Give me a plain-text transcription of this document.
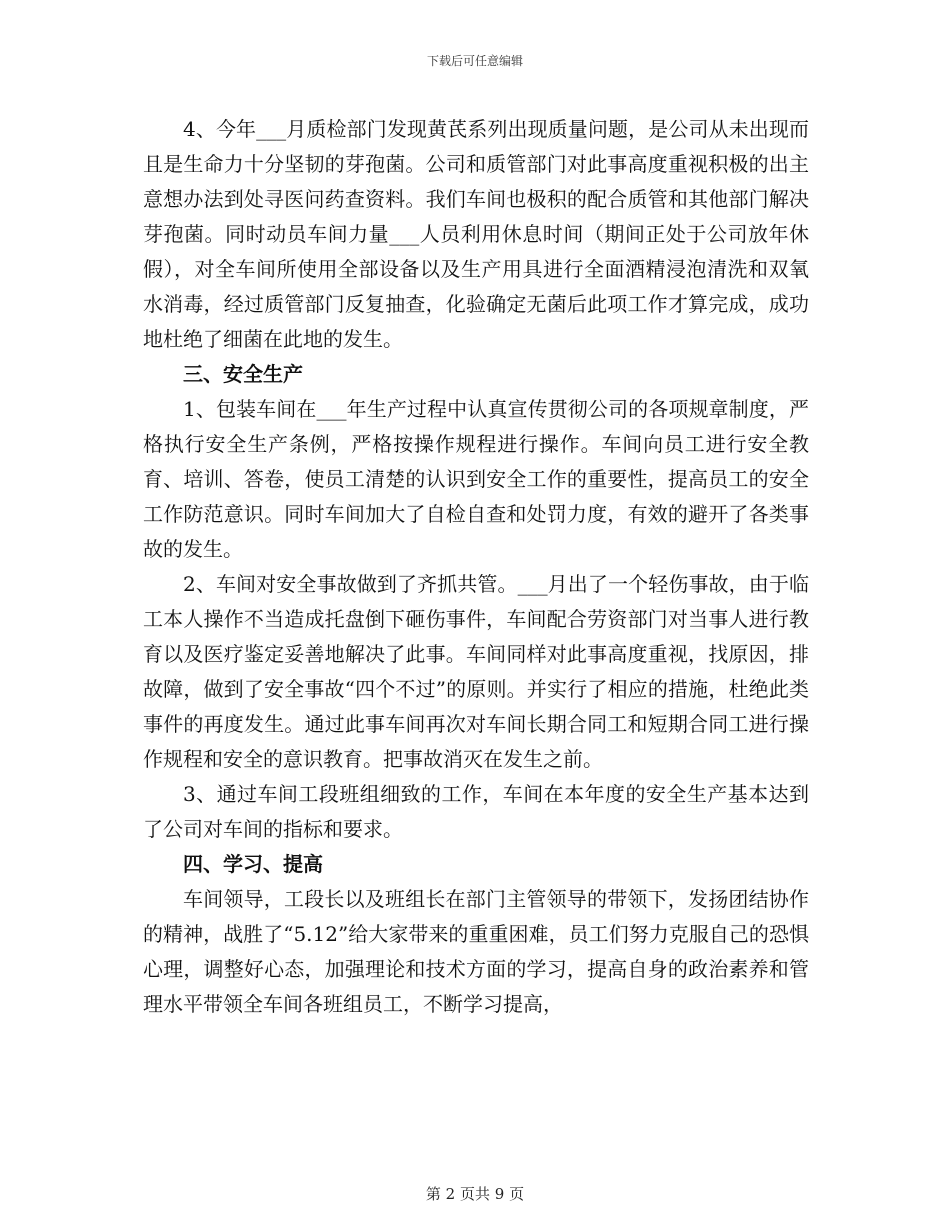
下载后可任意编辑

4、今年___月质检部门发现黄芪系列出现质量问题，是公司从未出现而且是生命力十分坚韧的芽孢菌。公司和质管部门对此事高度重视积极的出主意想办法到处寻医问药查资料。我们车间也极积的配合质管和其他部门解决芽孢菌。同时动员车间力量___人员利用休息时间（期间正处于公司放年休假），对全车间所使用全部设备以及生产用具进行全面酒精浸泡清洗和双氧水消毒，经过质管部门反复抽查，化验确定无菌后此项工作才算完成，成功地杜绝了细菌在此地的发生。

三、安全生产

1、包装车间在___年生产过程中认真宣传贯彻公司的各项规章制度，严格执行安全生产条例，严格按操作规程进行操作。车间向员工进行安全教育、培训、答卷，使员工清楚的认识到安全工作的重要性，提高员工的安全工作防范意识。同时车间加大了自检自查和处罚力度，有效的避开了各类事故的发生。

2、车间对安全事故做到了齐抓共管。___月出了一个轻伤事故，由于临工本人操作不当造成托盘倒下砸伤事件，车间配合劳资部门对当事人进行教育以及医疗鉴定妥善地解决了此事。车间同样对此事高度重视，找原因，排故障，做到了安全事故“四个不过”的原则。并实行了相应的措施，杜绝此类事件的再度发生。通过此事车间再次对车间长期合同工和短期合同工进行操作规程和安全的意识教育。把事故消灭在发生之前。

3、通过车间工段班组细致的工作，车间在本年度的安全生产基本达到了公司对车间的指标和要求。

四、学习、提高

车间领导，工段长以及班组长在部门主管领导的带领下，发扬团结协作的精神，战胜了“5.12”给大家带来的重重困难，员工们努力克服自己的恐惧心理，调整好心态，加强理论和技术方面的学习，提高自身的政治素养和管理水平带领全车间各班组员工，不断学习提高，

第 2 页共 9 页
